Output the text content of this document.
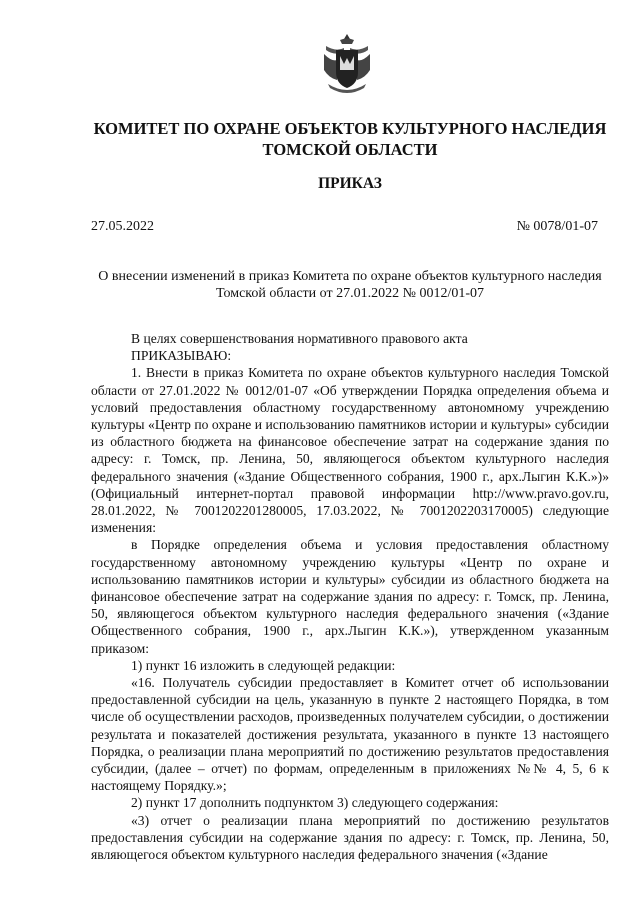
КОМИТЕТ ПО ОХРАНЕ ОБЪЕКТОВ КУЛЬТУРНОГО НАСЛЕДИЯ
ТОМСКОЙ ОБЛАСТИ
ПРИКАЗ
27.05.2022	№ 0078/01-07
О внесении изменений в приказ Комитета по охране объектов культурного наследия
Томской области от 27.01.2022 № 0012/01-07

В целях совершенствования нормативного правового акта

ПРИКАЗЫВАЮ:

1. Внести в приказ Комитета по охране объектов культурного наследия Томской области от 27.01.2022 № 0012/01-07 «Об утверждении Порядка определения объема и условий предоставления областному государственному автономному учреждению культуры «Центр по охране и использованию памятников истории и культуры» субсидии из областного бюджета на финансовое обеспечение затрат на содержание здания по адресу: г. Томск, пр. Ленина, 50, являющегося объектом культурного наследия федерального значения («Здание Общественного собрания, 1900 г., арх.Лыгин К.К.»)» (Официальный интернет-портал правовой информации http://www.pravo.gov.ru, 28.01.2022, № 7001202201280005, 17.03.2022, № 7001202203170005) следующие изменения:

в Порядке определения объема и условия предоставления областному государственному автономному учреждению культуры «Центр по охране и использованию памятников истории и культуры» субсидии из областного бюджета на финансовое обеспечение затрат на содержание здания по адресу: г. Томск, пр. Ленина, 50, являющегося объектом культурного наследия федерального значения («Здание Общественного собрания, 1900 г., арх.Лыгин К.К.»), утвержденном указанным приказом:

1) пункт 16 изложить в следующей редакции:

«16. Получатель субсидии предоставляет в Комитет отчет об использовании предоставленной субсидии на цель, указанную в пункте 2 настоящего Порядка, в том числе об осуществлении расходов, произведенных получателем субсидии, о достижении результата и показателей достижения результата, указанного в пункте 13 настоящего Порядка, о реализации плана мероприятий по достижению результатов предоставления субсидии, (далее – отчет) по формам, определенным в приложениях №№ 4, 5, 6 к настоящему Порядку.»;

2) пункт 17 дополнить подпунктом 3) следующего содержания:

«3) отчет о реализации плана мероприятий по достижению результатов предоставления субсидии на содержание здания по адресу: г. Томск, пр. Ленина, 50, являющегося объектом культурного наследия федерального значения («Здание
